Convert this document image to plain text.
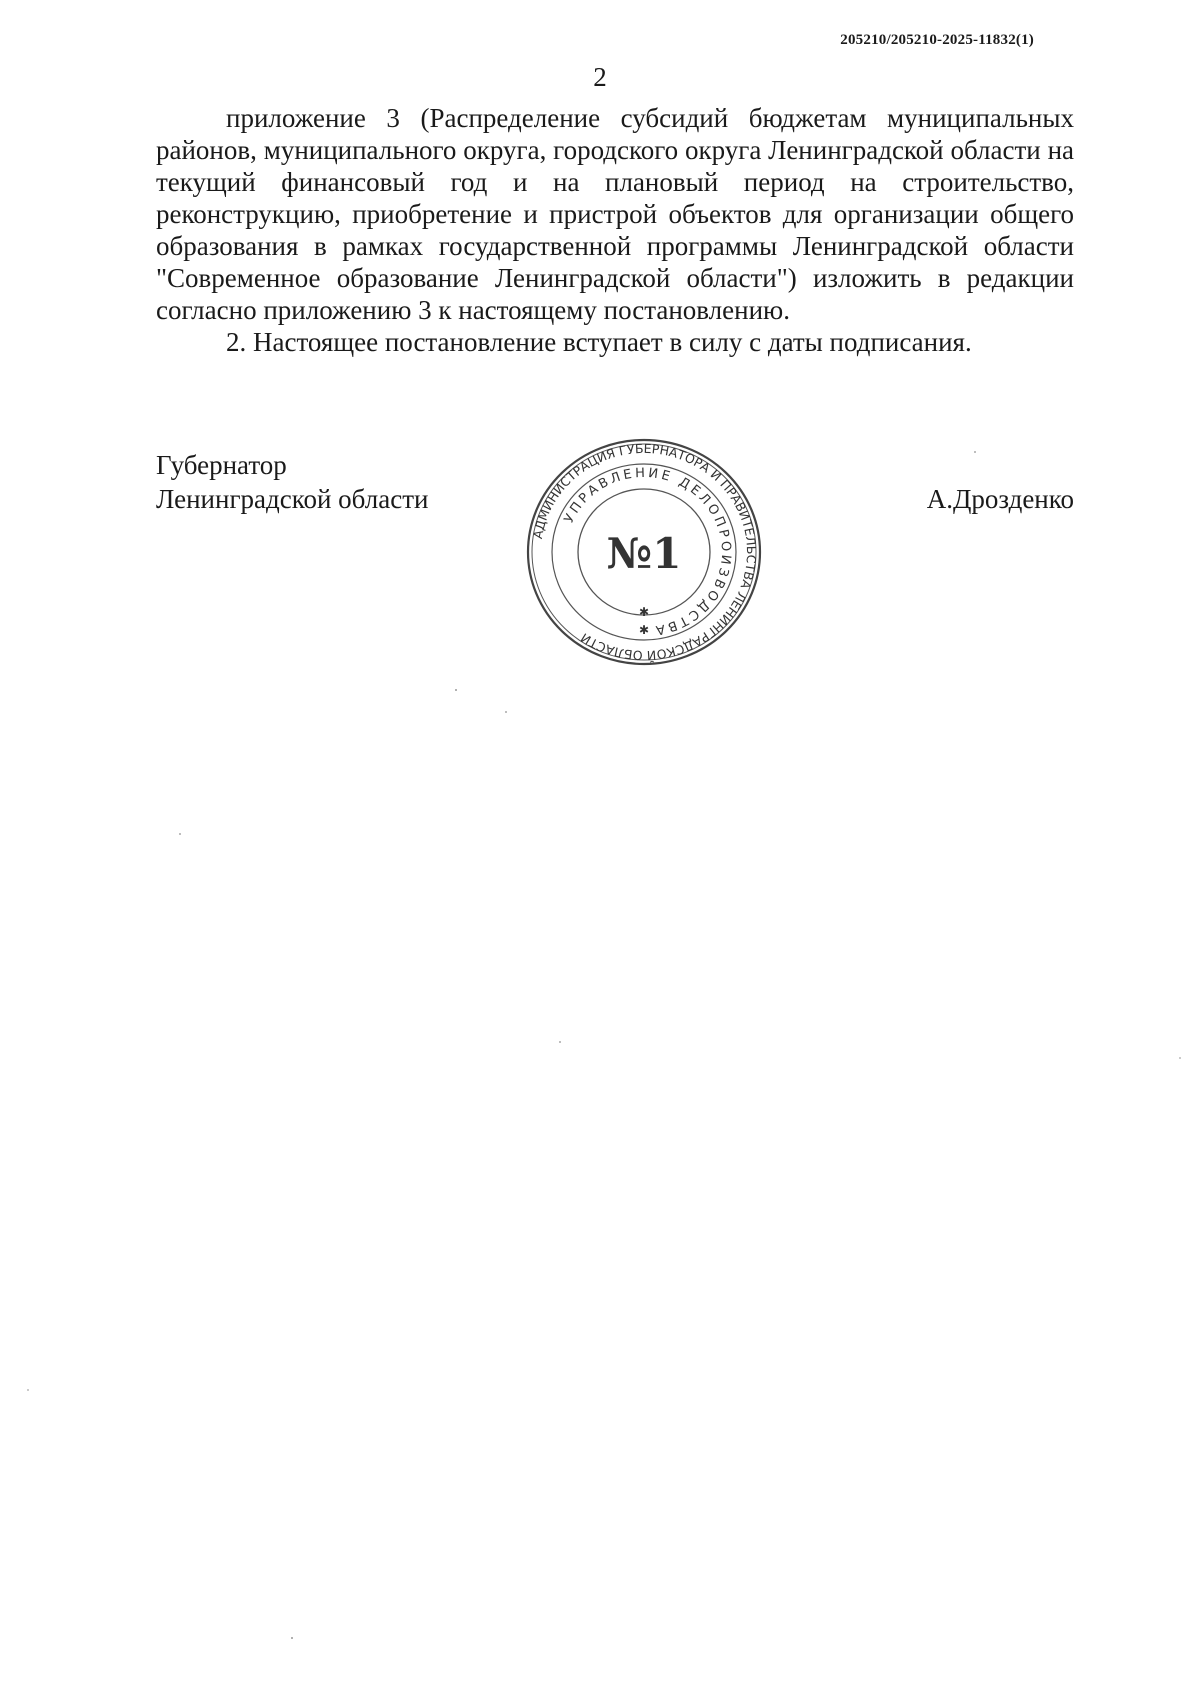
205210/205210-2025-11832(1)
2

приложение 3 (Распределение субсидий бюджетам муниципальных районов, муниципального округа, городского округа Ленинградской области на текущий финансовый год и на плановый период на строительство, реконструкцию, приобретение и пристрой объектов для организации общего образования в рамках государственной программы Ленинградской области "Современное образование Ленинградской области") изложить в редакции согласно приложению 3 к настоящему постановлению.

2. Настоящее постановление вступает в силу с даты подписания.

Губернатор
Ленинградской области	А.Дрозденко
АДМИНИСТРАЦИЯ ГУБЕРНАТОРА И ПРАВИТЕЛЬСТВА ЛЕНИНГРАДСКОЙ ОБЛАСТИ
УПРАВЛЕНИЕ ДЕЛОПРОИЗВОДСТВА
№1
✱
✱
